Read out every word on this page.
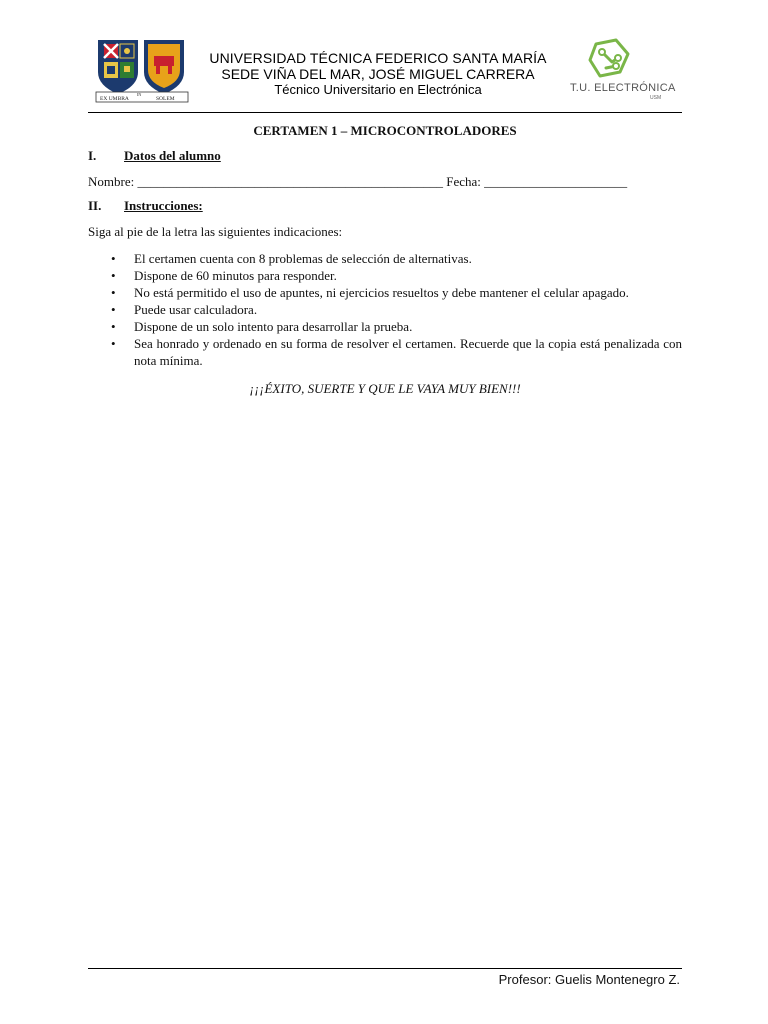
EX UMBRA
IN
SOLEM
UNIVERSIDAD TÉCNICA FEDERICO SANTA MARÍA
SEDE VIÑA DEL MAR, JOSÉ MIGUEL CARRERA
Técnico Universitario en Electrónica	T.U. ELECTRÓNICA
USM
CERTAMEN 1 – MICROCONTROLADORES
I. Datos del alumno
Nombre: _______________________________________________ Fecha: ______________________
II. Instrucciones:
Siga al pie de la letra las siguientes indicaciones:
• El certamen cuenta con 8 problemas de selección de alternativas.
• Dispone de 60 minutos para responder.
• No está permitido el uso de apuntes, ni ejercicios resueltos y debe mantener el celular apagado.
• Puede usar calculadora.
• Dispone de un solo intento para desarrollar la prueba.
• Sea honrado y ordenado en su forma de resolver el certamen. Recuerde que la copia está penalizada con nota mínima.
¡¡¡ÉXITO, SUERTE Y QUE LE VAYA MUY BIEN!!!
Profesor: Guelis Montenegro Z.
